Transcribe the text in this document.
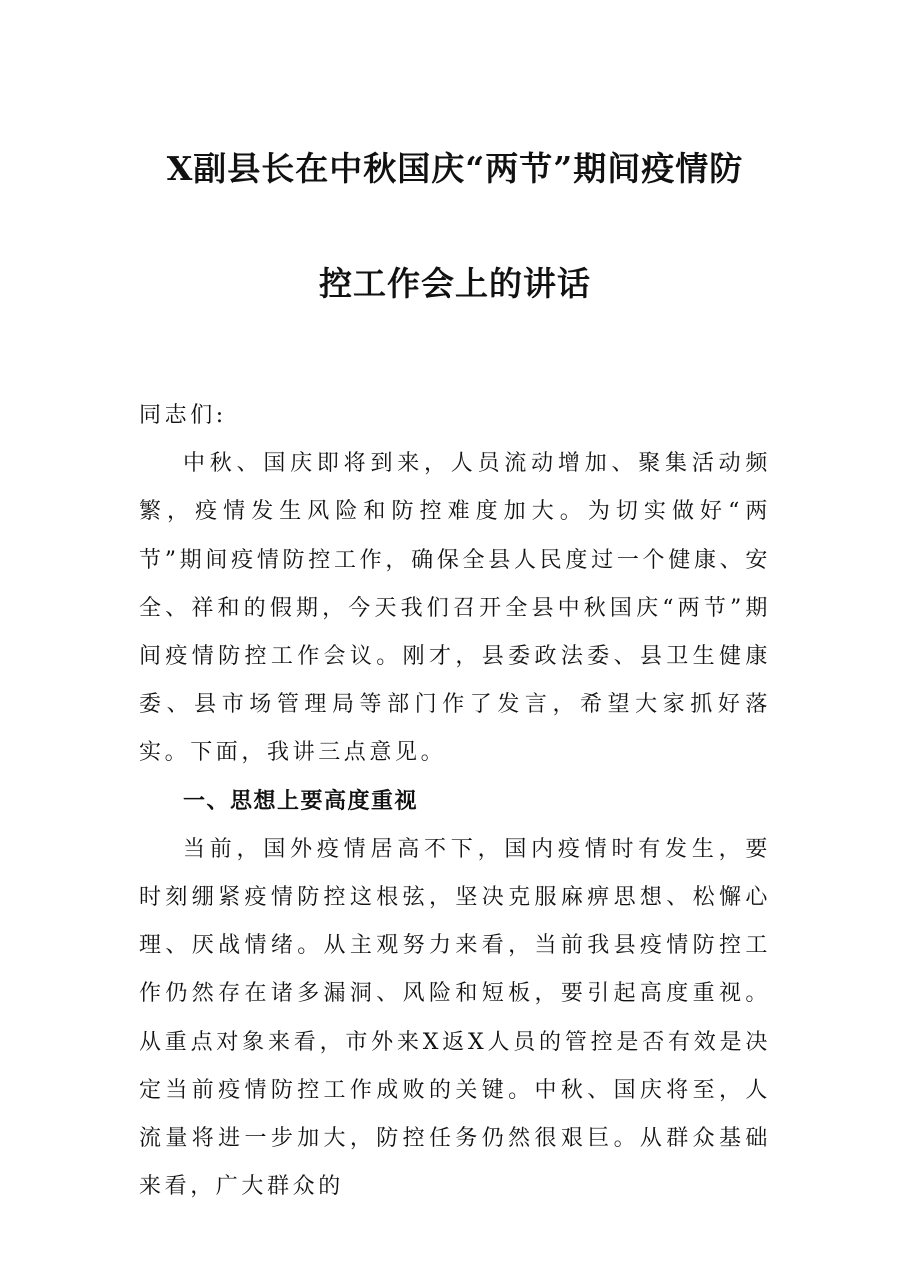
X副县长在中秋国庆“两节”期间疫情防
控工作会上的讲话

同志们:

中秋、国庆即将到来，人员流动增加、聚集活动频繁，疫情发生风险和防控难度加大。为切实做好“两节”期间疫情防控工作，确保全县人民度过一个健康、安全、祥和的假期，今天我们召开全县中秋国庆“两节”期间疫情防控工作会议。刚才，县委政法委、县卫生健康委、县市场管理局等部门作了发言，希望大家抓好落实。下面，我讲三点意见。

一、思想上要高度重视

当前，国外疫情居高不下，国内疫情时有发生，要时刻绷紧疫情防控这根弦，坚决克服麻痹思想、松懈心理、厌战情绪。从主观努力来看，当前我县疫情防控工作仍然存在诸多漏洞、风险和短板，要引起高度重视。从重点对象来看，市外来X返X人员的管控是否有效是决定当前疫情防控工作成败的关键。中秋、国庆将至，人流量将进一步加大，防控任务仍然很艰巨。从群众基础来看，广大群众的
